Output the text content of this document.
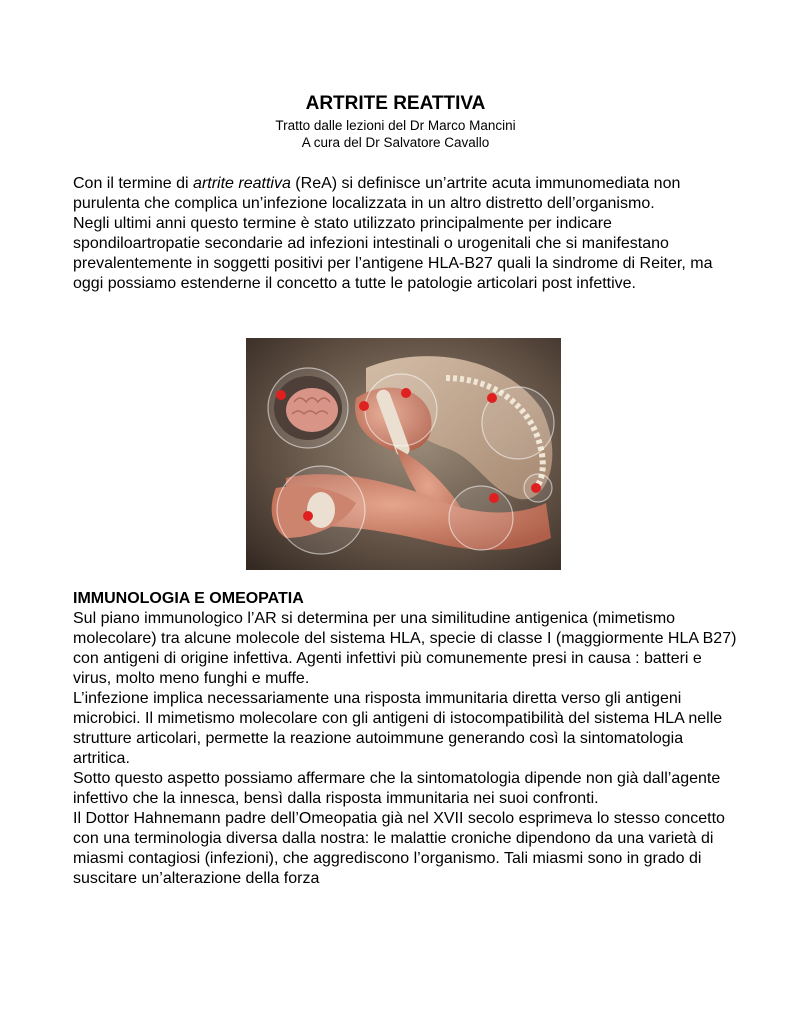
ARTRITE REATTIVA
Tratto dalle lezioni del Dr Marco Mancini
A cura del Dr Salvatore Cavallo

Con il termine di artrite reattiva (ReA) si definisce un’artrite acuta immunomediata non purulenta che complica un’infezione localizzata in un altro distretto dell’organismo.

Negli ultimi anni questo termine è stato utilizzato principalmente per indicare spondiloartropatie secondarie ad infezioni intestinali o urogenitali che si manifestano prevalentemente in soggetti positivi per l’antigene HLA-B27 quali la sindrome di Reiter, ma oggi possiamo estenderne il concetto a tutte le patologie articolari post infettive.

IMMUNOLOGIA E OMEOPATIA

Sul piano immunologico l’AR si determina per una similitudine antigenica (mimetismo molecolare) tra alcune molecole del sistema HLA, specie di classe I (maggiormente HLA B27) con antigeni di origine infettiva. Agenti infettivi più comunemente presi in causa : batteri e virus, molto meno funghi e muffe.

L’infezione implica necessariamente una risposta immunitaria diretta verso gli antigeni microbici. Il mimetismo molecolare con gli antigeni di istocompatibilità del sistema HLA nelle strutture articolari, permette la reazione autoimmune generando così la sintomatologia artritica.

Sotto questo aspetto possiamo affermare che la sintomatologia dipende non già dall’agente infettivo che la innesca, bensì dalla risposta immunitaria nei suoi confronti.

Il Dottor Hahnemann padre dell’Omeopatia già nel XVII secolo esprimeva lo stesso concetto con una terminologia diversa dalla nostra: le malattie croniche dipendono da una varietà di miasmi contagiosi (infezioni), che aggrediscono l’organismo. Tali miasmi sono in grado di suscitare un’alterazione della forza
